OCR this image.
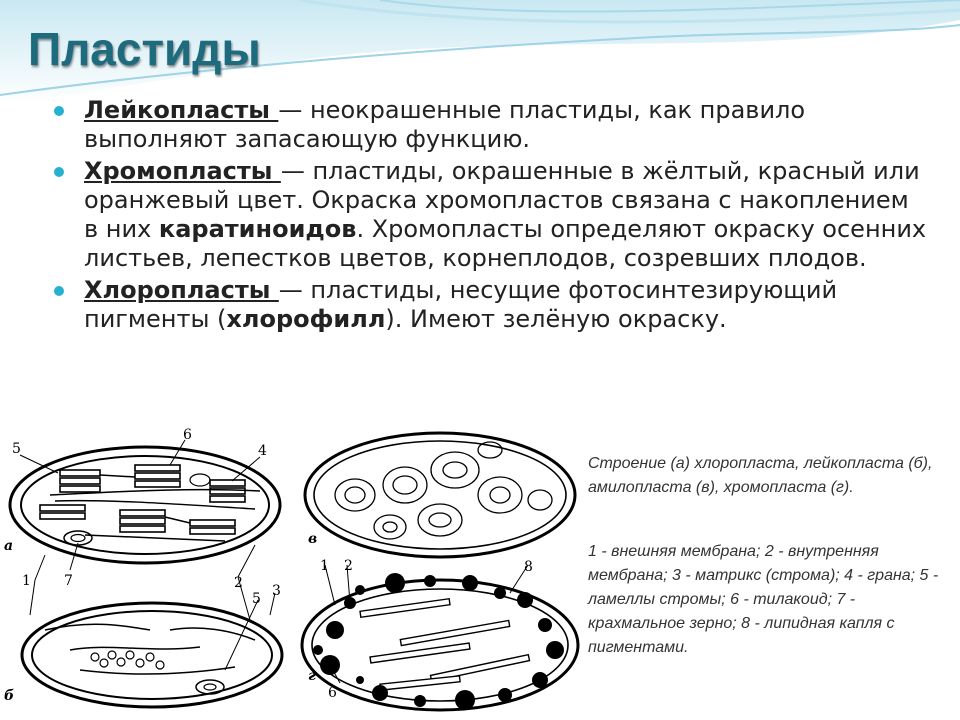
Пластиды
Лейкопласты — неокрашенные пластиды, как правило выполняют запасающую функцию.
Хромопласты — пластиды, окрашенные в жёлтый, красный или оранжевый цвет. Окраска хромопластов связана с накоплением в них каратиноидов. Хромопласты определяют окраску осенних листьев, лепестков цветов, корнеплодов, созревших плодов.
Хлоропласты — пластиды, несущие фотосинтезирующий пигменты (хлорофилл). Имеют зелёную окраску.
5
6
4
а
1 7	2
5 3
б
в
1 2	8
г
6

Строение (а) хлоропласта, лейкопласта (б), амилопласта (в), хромопласта (г).

1 - внешняя мембрана; 2 - внутренняя мембрана; 3 - матрикс (строма); 4 - грана; 5 - ламеллы стромы; 6 - тилакоид; 7 - крахмальное зерно; 8 - липидная капля с пигментами.
